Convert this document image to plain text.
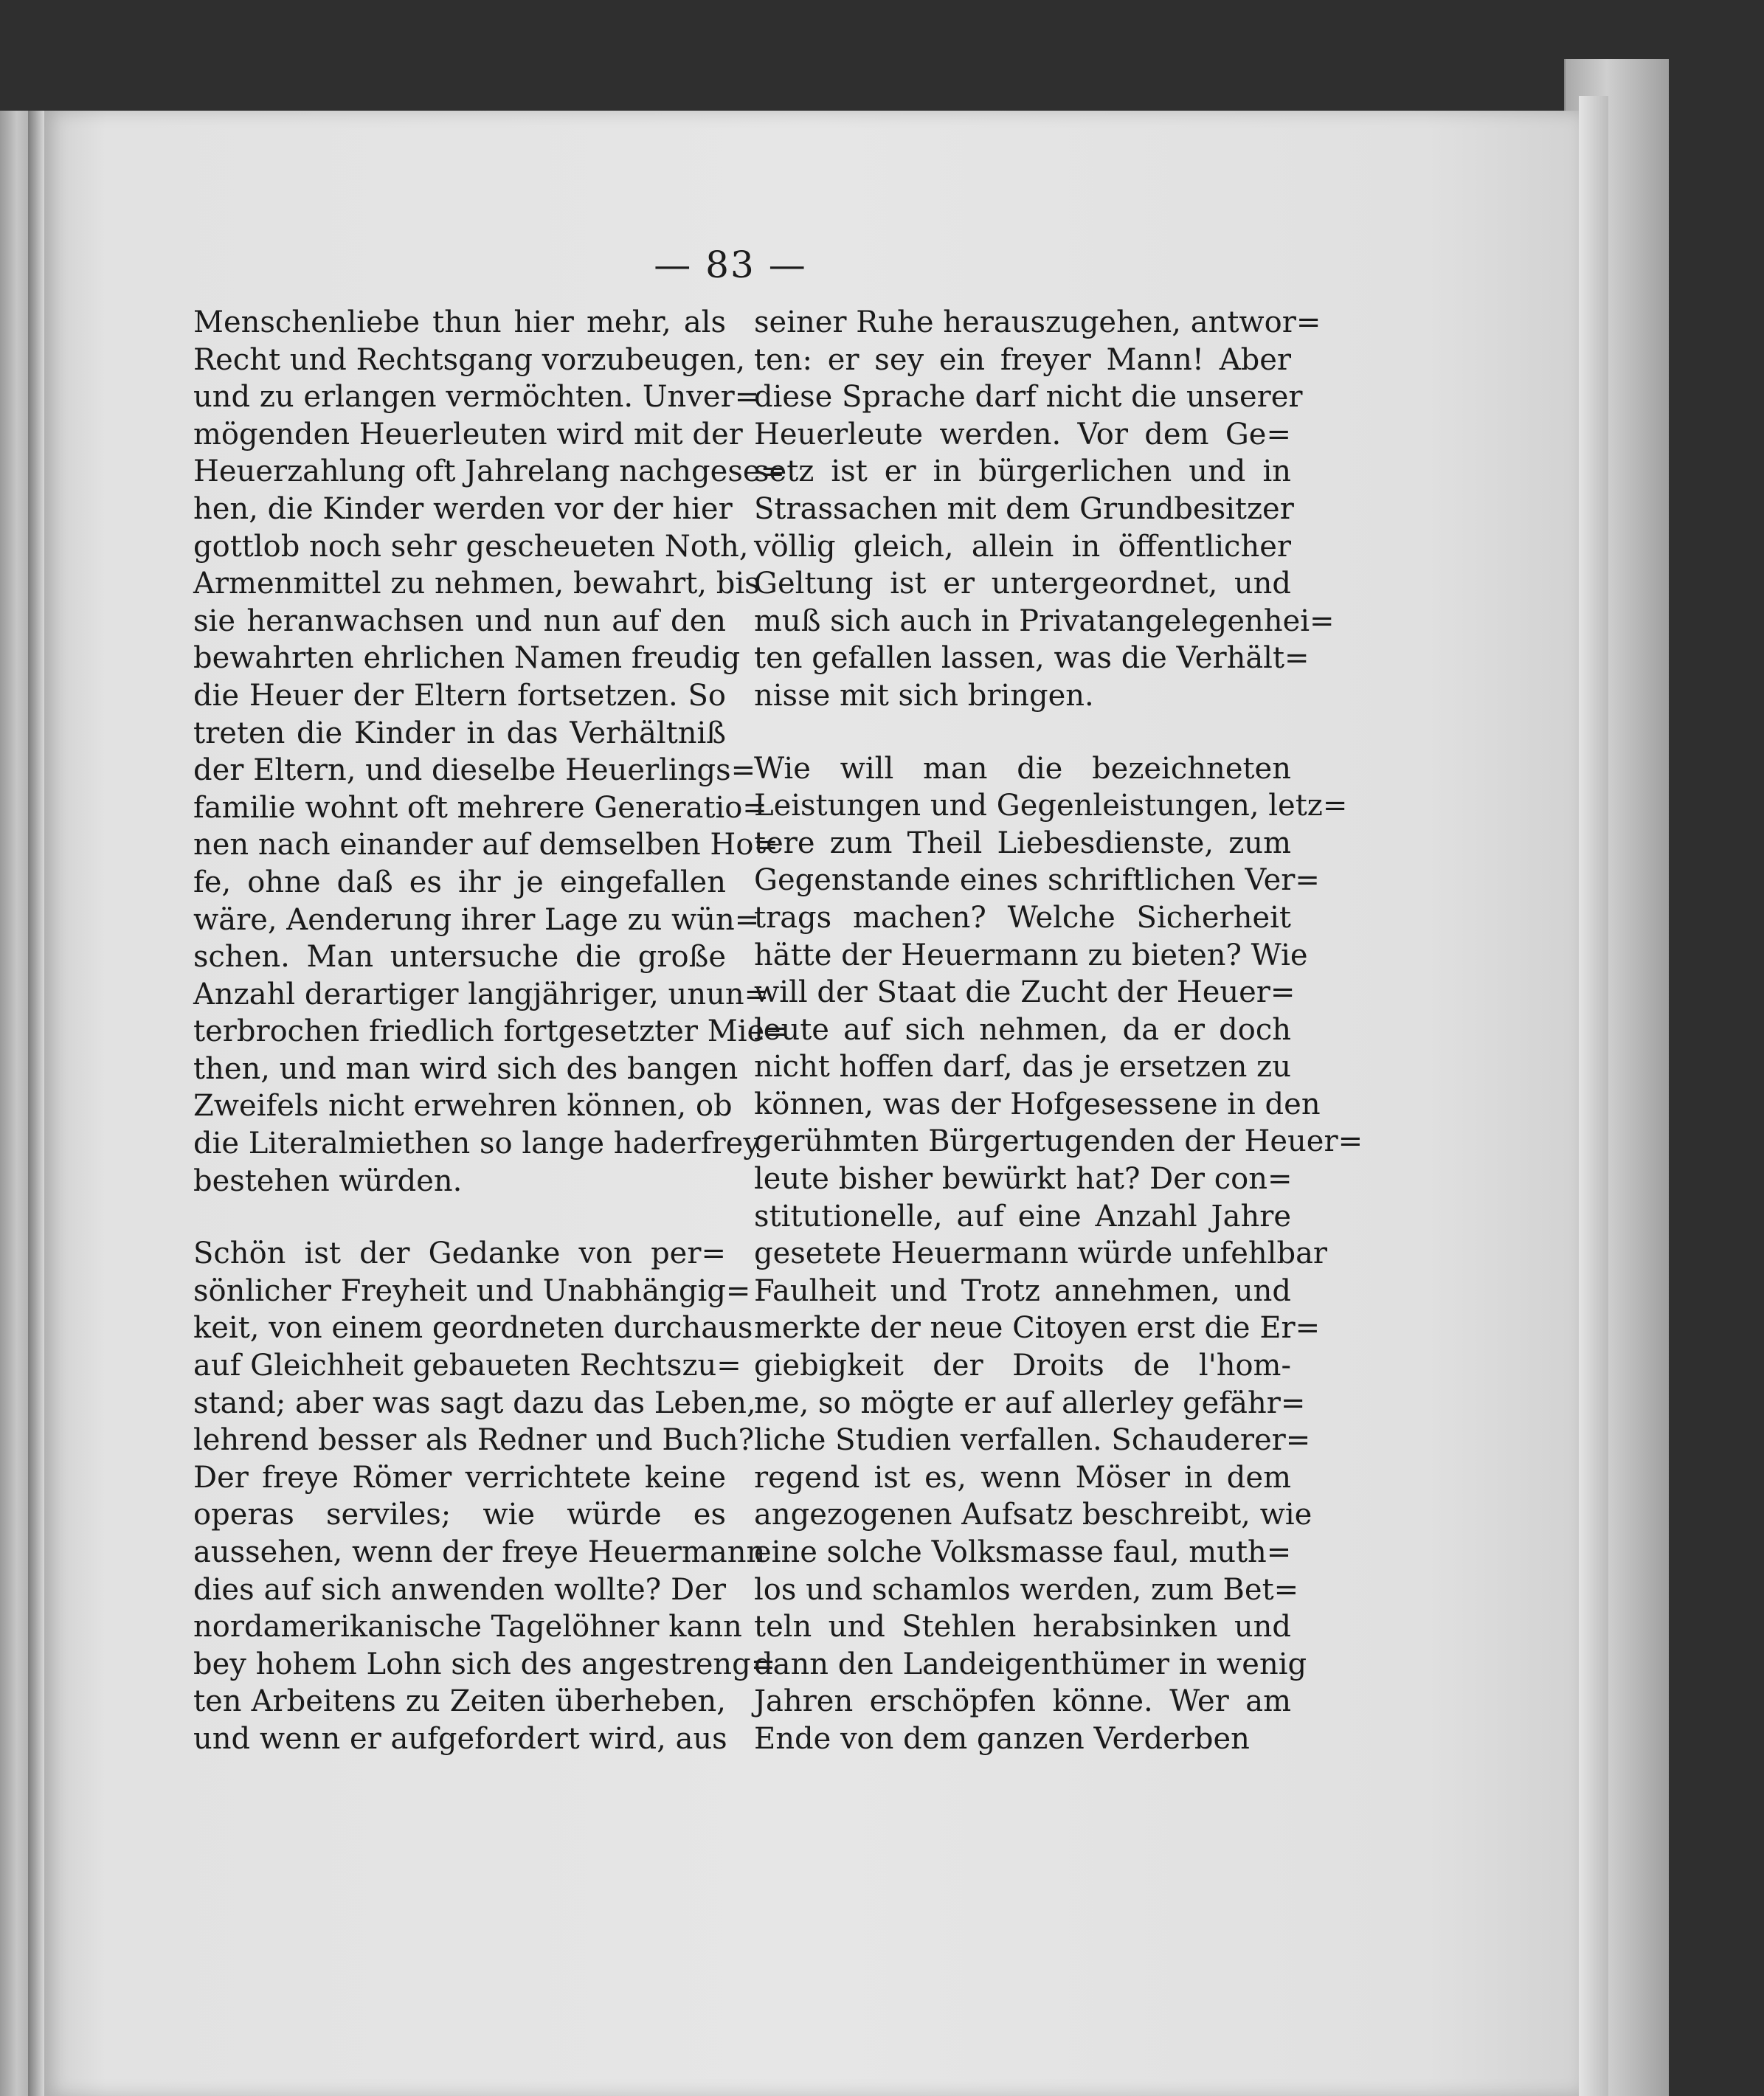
— 83 —
Menschenliebe thun hier mehr, als
Recht und Rechtsgang vorzubeugen,
und zu erlangen vermöchten. Unver=
mögenden Heuerleuten wird mit der
Heuerzahlung oft Jahrelang nachgese=
hen, die Kinder werden vor der hier
gottlob noch sehr gescheueten Noth,
Armenmittel zu nehmen, bewahrt, bis
sie heranwachsen und nun auf den
bewahrten ehrlichen Namen freudig
die Heuer der Eltern fortsetzen. So
treten die Kinder in das Verhältniß
der Eltern, und dieselbe Heuerlings=
familie wohnt oft mehrere Generatio=
nen nach einander auf demselben Ho=
fe, ohne daß es ihr je eingefallen
wäre, Aenderung ihrer Lage zu wün=
schen. Man untersuche die große
Anzahl derartiger langjähriger, unun=
terbrochen friedlich fortgesetzter Mie=
then, und man wird sich des bangen
Zweifels nicht erwehren können, ob
die Literalmiethen so lange haderfrey
bestehen würden.
Schön ist der Gedanke von per=
sönlicher Freyheit und Unabhängig=
keit, von einem geordneten durchaus
auf Gleichheit gebaueten Rechtszu=
stand; aber was sagt dazu das Leben,
lehrend besser als Redner und Buch?
Der freye Römer verrichtete keine
operas serviles; wie würde es
aussehen, wenn der freye Heuermann
dies auf sich anwenden wollte? Der
nordamerikanische Tagelöhner kann
bey hohem Lohn sich des angestreng=
ten Arbeitens zu Zeiten überheben,
und wenn er aufgefordert wird, aus
seiner Ruhe herauszugehen, antwor=
ten: er sey ein freyer Mann! Aber
diese Sprache darf nicht die unserer
Heuerleute werden. Vor dem Ge=
setz ist er in bürgerlichen und in
Strassachen mit dem Grundbesitzer
völlig gleich, allein in öffentlicher
Geltung ist er untergeordnet, und
muß sich auch in Privatangelegenhei=
ten gefallen lassen, was die Verhält=
nisse mit sich bringen.
Wie will man die bezeichneten
Leistungen und Gegenleistungen, letz=
tere zum Theil Liebesdienste, zum
Gegenstande eines schriftlichen Ver=
trags machen? Welche Sicherheit
hätte der Heuermann zu bieten? Wie
will der Staat die Zucht der Heuer=
leute auf sich nehmen, da er doch
nicht hoffen darf, das je ersetzen zu
können, was der Hofgesessene in den
gerühmten Bürgertugenden der Heuer=
leute bisher bewürkt hat? Der con=
stitutionelle, auf eine Anzahl Jahre
gesetete Heuermann würde unfehlbar
Faulheit und Trotz annehmen, und
merkte der neue Citoyen erst die Er=
giebigkeit der Droits de l'hom-
me, so mögte er auf allerley gefähr=
liche Studien verfallen. Schauderer=
regend ist es, wenn Möser in dem
angezogenen Aufsatz beschreibt, wie
eine solche Volksmasse faul, muth=
los und schamlos werden, zum Bet=
teln und Stehlen herabsinken und
dann den Landeigenthümer in wenig
Jahren erschöpfen könne. Wer am
Ende von dem ganzen Verderben
